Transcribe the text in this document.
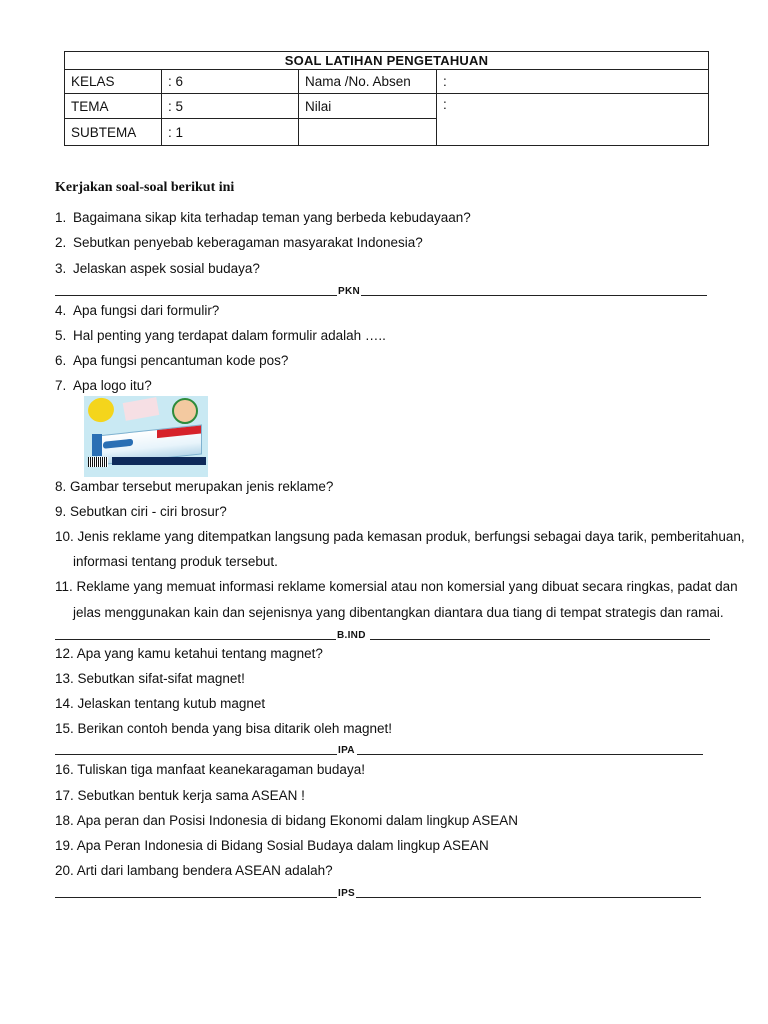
SOAL LATIHAN PENGETAHUAN			
KELAS	: 6	Nama /No. Absen	:
TEMA	: 5	Nilai	:
SUBTEMA	: 1		
Kerjakan soal-soal berikut ini
1. Bagaimana sikap kita terhadap teman yang berbeda kebudayaan?
2. Sebutkan penyebab keberagaman masyarakat Indonesia?
3. Jelaskan aspek sosial budaya?
PKN
4. Apa fungsi dari formulir?
5. Hal penting yang terdapat dalam formulir adalah …..
6. Apa fungsi pencantuman kode pos?
7. Apa logo itu?
8. Gambar tersebut merupakan jenis reklame?
9. Sebutkan ciri - ciri brosur?
10. Jenis reklame yang ditempatkan langsung pada kemasan produk, berfungsi sebagai daya tarik, pemberitahuan,
informasi tentang produk tersebut.
11. Reklame yang memuat informasi reklame komersial atau non komersial yang dibuat secara ringkas, padat dan
jelas menggunakan kain dan sejenisnya yang dibentangkan diantara dua tiang di tempat strategis dan ramai.
B.IND
12. Apa yang kamu ketahui tentang magnet?
13. Sebutkan sifat-sifat magnet!
14. Jelaskan tentang kutub magnet
15. Berikan contoh benda yang bisa ditarik oleh magnet!
IPA
16. Tuliskan tiga manfaat keanekaragaman budaya!
17. Sebutkan bentuk kerja sama ASEAN !
18. Apa peran dan Posisi Indonesia di bidang Ekonomi dalam lingkup ASEAN
19. Apa Peran Indonesia di Bidang Sosial Budaya dalam lingkup ASEAN
20. Arti dari lambang bendera ASEAN adalah?
IPS
